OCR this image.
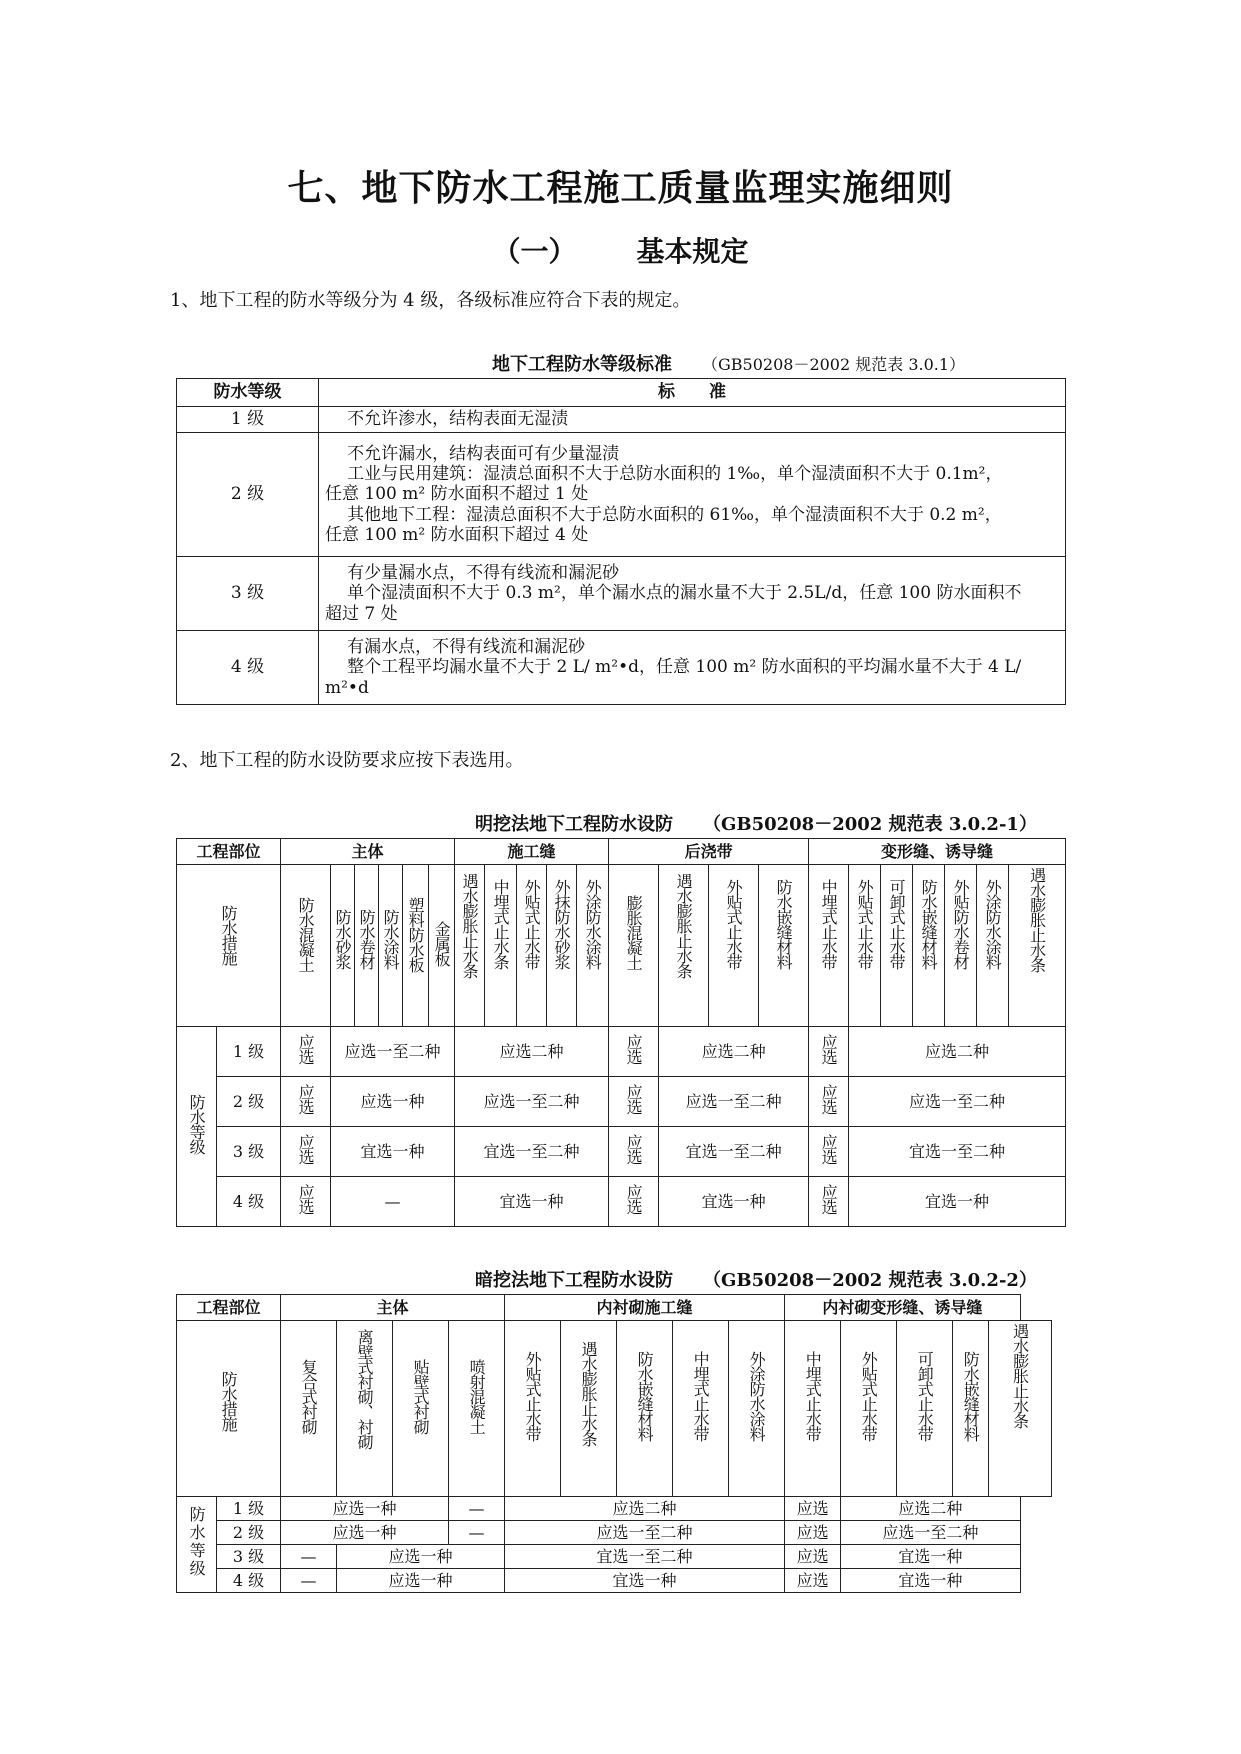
七、地下防水工程施工质量监理实施细则
（一） 基本规定
1、地下工程的防水等级分为 4 级，各级标准应符合下表的规定。
地下工程防水等级标准 （GB50208－2002 规范表 3.0.1）
防水等级	标　　准
1 级	不允许渗水，结构表面无湿渍

2 级	不允许漏水，结构表面可有少量湿渍
工业与民用建筑：湿渍总面积不大于总防水面积的 1‰，单个湿渍面积不大于 0.1m²，
任意 100 m² 防水面积不超过 1 处
其他地下工程：湿渍总面积不大于总防水面积的 61‰，单个湿渍面积不大于 0.2 m²，
任意 100 m² 防水面积下超过 4 处

3 级	有少量漏水点，不得有线流和漏泥砂
单个湿渍面积不大于 0.3 m²，单个漏水点的漏水量不大于 2.5L/d，任意 100 防水面积不
超过 7 处

4 级	有漏水点，不得有线流和漏泥砂
整个工程平均漏水量不大于 2 L/ m²•d，任意 100 m² 防水面积的平均漏水量不大于 4 L/
m²•d
2、地下工程的防水设防要求应按下表选用。
明挖法地下工程防水设防 （GB50208－2002 规范表 3.0.2-1）
工程部位		主体						施工缝					后浇带				变形缝、诱导缝						
防水措施		防水混凝土	防水砂浆	防水卷材	防水涂料	塑料防水板	金属板	遇水膨胀止水条	中埋式止水条	外贴式止水带	外抹防水砂浆	外涂防水涂料	膨胀混凝土	遇水膨胀止水条	外贴式止水带	防水嵌缝材料	中埋式止水带	外贴式止水带	可卸式止水带	防水嵌缝材料	外贴防水卷材	外涂防水涂料	遇水膨胀止水条
防水等级	1 级	应选	应选一至二种					应选二种					应选	应选二种			应选	应选二种					
	2 级	应选	应选一种					应选一至二种					应选	应选一至二种			应选	应选一至二种					
	3 级	应选	宜选一种					宜选一至二种					应选	宜选一至二种			应选	宜选一至二种					
	4 级	应选	—					宜选一种					应选	宜选一种			应选	宜选一种					
暗挖法地下工程防水设防 （GB50208－2002 规范表 3.0.2-2）
工程部位		主体				内衬砌施工缝					内衬砌变形缝、诱导缝				
防水措施		复合式衬砌	离壁式衬砌、衬砌	贴壁式衬砌	喷射混凝土	外贴式止水带	遇水膨胀止水条	防水嵌缝材料	中埋式止水带	外涂防水涂料	中埋式止水带	外贴式止水带	可卸式止水带	防水嵌缝材料	遇水膨胀止水条
防水等级	1 级	应选一种			—	应选二种					应选	应选二种			
	2 级	应选一种			—	应选一至二种					应选	应选一至二种			
	3 级	—	应选一种			宜选一至二种					应选	宜选一种			
	4 级	—	应选一种			宜选一种					应选	宜选一种			
